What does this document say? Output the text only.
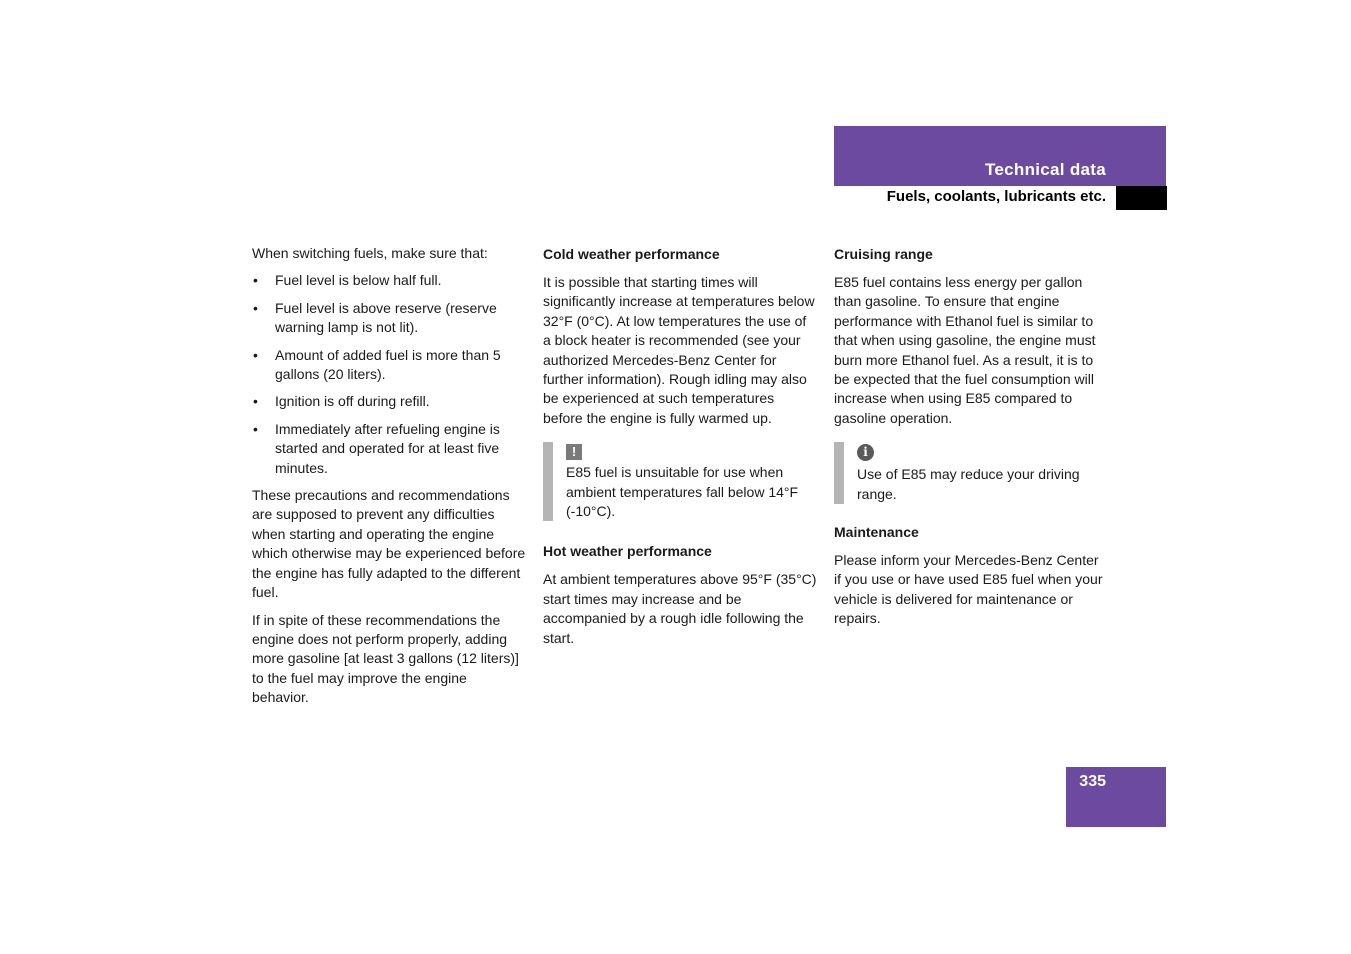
Technical data
Fuels, coolants, lubricants etc.

When switching fuels, make sure that:

• Fuel level is below half full.
• Fuel level is above reserve (reserve warning lamp is not lit).
• Amount of added fuel is more than 5 gallons (20 liters).
• Ignition is off during refill.
• Immediately after refueling engine is started and operated for at least five minutes.

These precautions and recommendations are supposed to prevent any difficulties when starting and operating the engine which otherwise may be experienced before the engine has fully adapted to the different fuel.

If in spite of these recommendations the engine does not perform properly, adding more gasoline [at least 3 gallons (12 liters)] to the fuel may improve the engine behavior.

Cold weather performance

It is possible that starting times will significantly increase at temperatures below 32°F (0°C). At low temperatures the use of a block heater is recommended (see your authorized Mercedes-Benz Center for further information). Rough idling may also be experienced at such temperatures before the engine is fully warmed up.

!

E85 fuel is unsuitable for use when ambient temperatures fall below 14°F (-10°C).

Hot weather performance

At ambient temperatures above 95°F (35°C) start times may increase and be accompanied by a rough idle following the start.

Cruising range

E85 fuel contains less energy per gallon than gasoline. To ensure that engine performance with Ethanol fuel is similar to that when using gasoline, the engine must burn more Ethanol fuel. As a result, it is to be expected that the fuel consumption will increase when using E85 compared to gasoline operation.

i

Use of E85 may reduce your driving range.

Maintenance

Please inform your Mercedes-Benz Center if you use or have used E85 fuel when your vehicle is delivered for maintenance or repairs.

335
